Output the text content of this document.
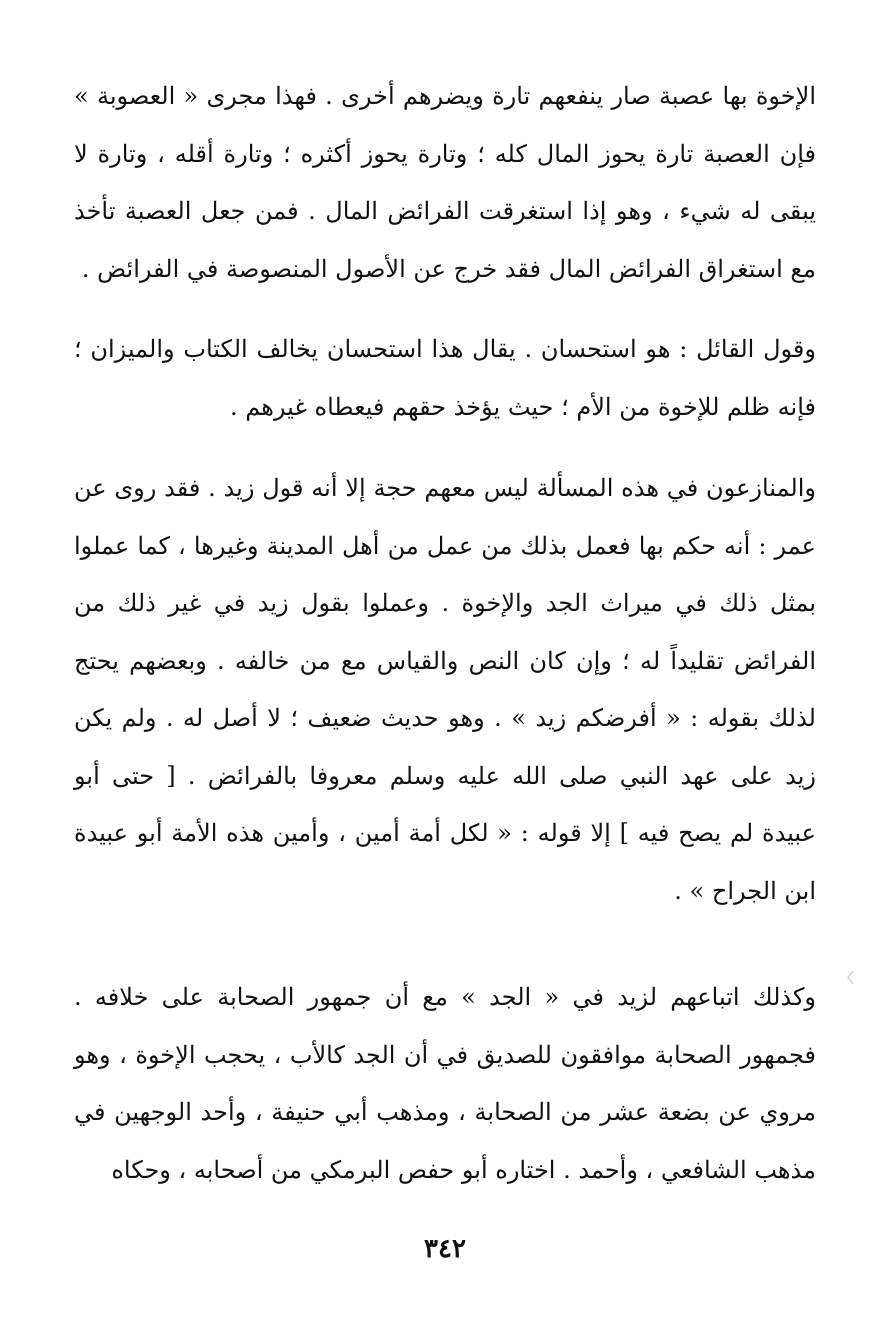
الإخوة بها عصبة صار ينفعهم تارة ويضرهم أخرى . فهذا مجرى « العصوبة » فإن العصبة تارة يحوز المال كله ؛ وتارة يحوز أكثره ؛ وتارة أقله ، وتارة لا يبقى له شيء ، وهو إذا استغرقت الفرائض المال . فمن جعل العصبة تأخذ مع استغراق الفرائض المال فقد خرج عن الأصول المنصوصة في الفرائض .

وقول القائل : هو استحسان . يقال هذا استحسان يخالف الكتاب والميزان ؛ فإنه ظلم للإخوة من الأم ؛ حيث يؤخذ حقهم فيعطاه غيرهم .

والمنازعون في هذه المسألة ليس معهم حجة إلا أنه قول زيد . فقد روى عن عمر : أنه حكم بها فعمل بذلك من عمل من أهل المدينة وغيرها ، كما عملوا بمثل ذلك في ميراث الجد والإخوة . وعملوا بقول زيد في غير ذلك من الفرائض تقليداً له ؛ وإن كان النص والقياس مع من خالفه . وبعضهم يحتج لذلك بقوله : « أفرضكم زيد » . وهو حديث ضعيف ؛ لا أصل له . ولم يكن زيد على عهد النبي صلى الله عليه وسلم معروفا بالفرائض . [ حتى أبو عبيدة لم يصح فيه ] إلا قوله : « لكل أمة أمين ، وأمين هذه الأمة أبو عبيدة ابن الجراح » .

وكذلك اتباعهم لزيد في « الجد » مع أن جمهور الصحابة على خلافه . فجمهور الصحابة موافقون للصديق في أن الجد كالأب ، يحجب الإخوة ، وهو مروي عن بضعة عشر من الصحابة ، ومذهب أبي حنيفة ، وأحد الوجهين في مذهب الشافعي ، وأحمد . اختاره أبو حفص البرمكي من أصحابه ، وحكاه

٣٤٢
〈
